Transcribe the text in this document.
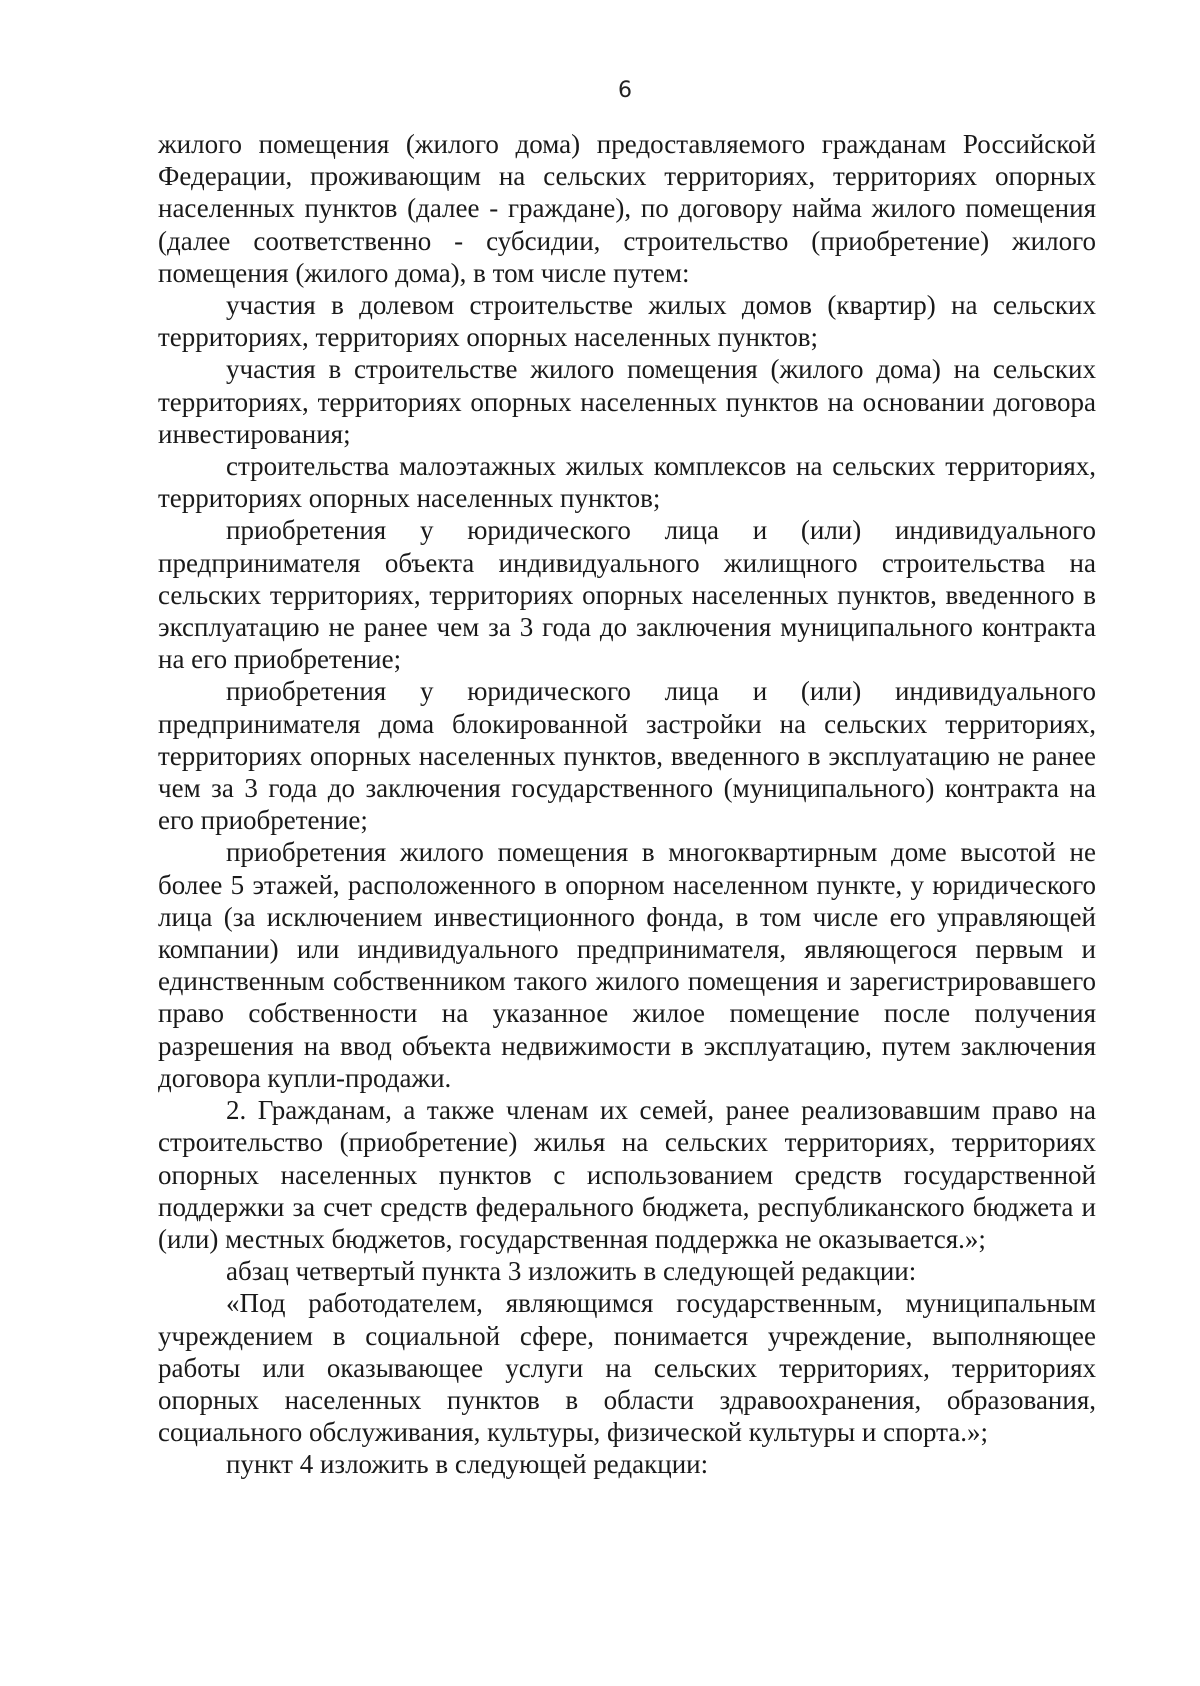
6

жилого помещения (жилого дома) предоставляемого гражданам Российской Федерации, проживающим на сельских территориях, территориях опорных населенных пунктов (далее - граждане), по договору найма жилого помещения (далее соответственно - субсидии, строительство (приобретение) жилого помещения (жилого дома), в том числе путем:

участия в долевом строительстве жилых домов (квартир) на сельских территориях, территориях опорных населенных пунктов;

участия в строительстве жилого помещения (жилого дома) на сельских территориях, территориях опорных населенных пунктов на основании договора инвестирования;

строительства малоэтажных жилых комплексов на сельских территориях, территориях опорных населенных пунктов;

приобретения у юридического лица и (или) индивидуального предпринимателя объекта индивидуального жилищного строительства на сельских территориях, территориях опорных населенных пунктов, введенного в эксплуатацию не ранее чем за 3 года до заключения муниципального контракта на его приобретение;

приобретения у юридического лица и (или) индивидуального предпринимателя дома блокированной застройки на сельских территориях, территориях опорных населенных пунктов, введенного в эксплуатацию не ранее чем за 3 года до заключения государственного (муниципального) контракта на его приобретение;

приобретения жилого помещения в многоквартирным доме высотой не более 5 этажей, расположенного в опорном населенном пункте, у юридического лица (за исключением инвестиционного фонда, в том числе его управляющей компании) или индивидуального предпринимателя, являющегося первым и единственным собственником такого жилого помещения и зарегистрировавшего право собственности на указанное жилое помещение после получения разрешения на ввод объекта недвижимости в эксплуатацию, путем заключения договора купли-продажи.

2. Гражданам, а также членам их семей, ранее реализовавшим право на строительство (приобретение) жилья на сельских территориях, территориях опорных населенных пунктов с использованием средств государственной поддержки за счет средств федерального бюджета, республиканского бюджета и (или) местных бюджетов, государственная поддержка не оказывается.»;

абзац четвертый пункта 3 изложить в следующей редакции:

«Под работодателем, являющимся государственным, муниципальным учреждением в социальной сфере, понимается учреждение, выполняющее работы или оказывающее услуги на сельских территориях, территориях опорных населенных пунктов в области здравоохранения, образования, социального обслуживания, культуры, физической культуры и спорта.»;

пункт 4 изложить в следующей редакции:
